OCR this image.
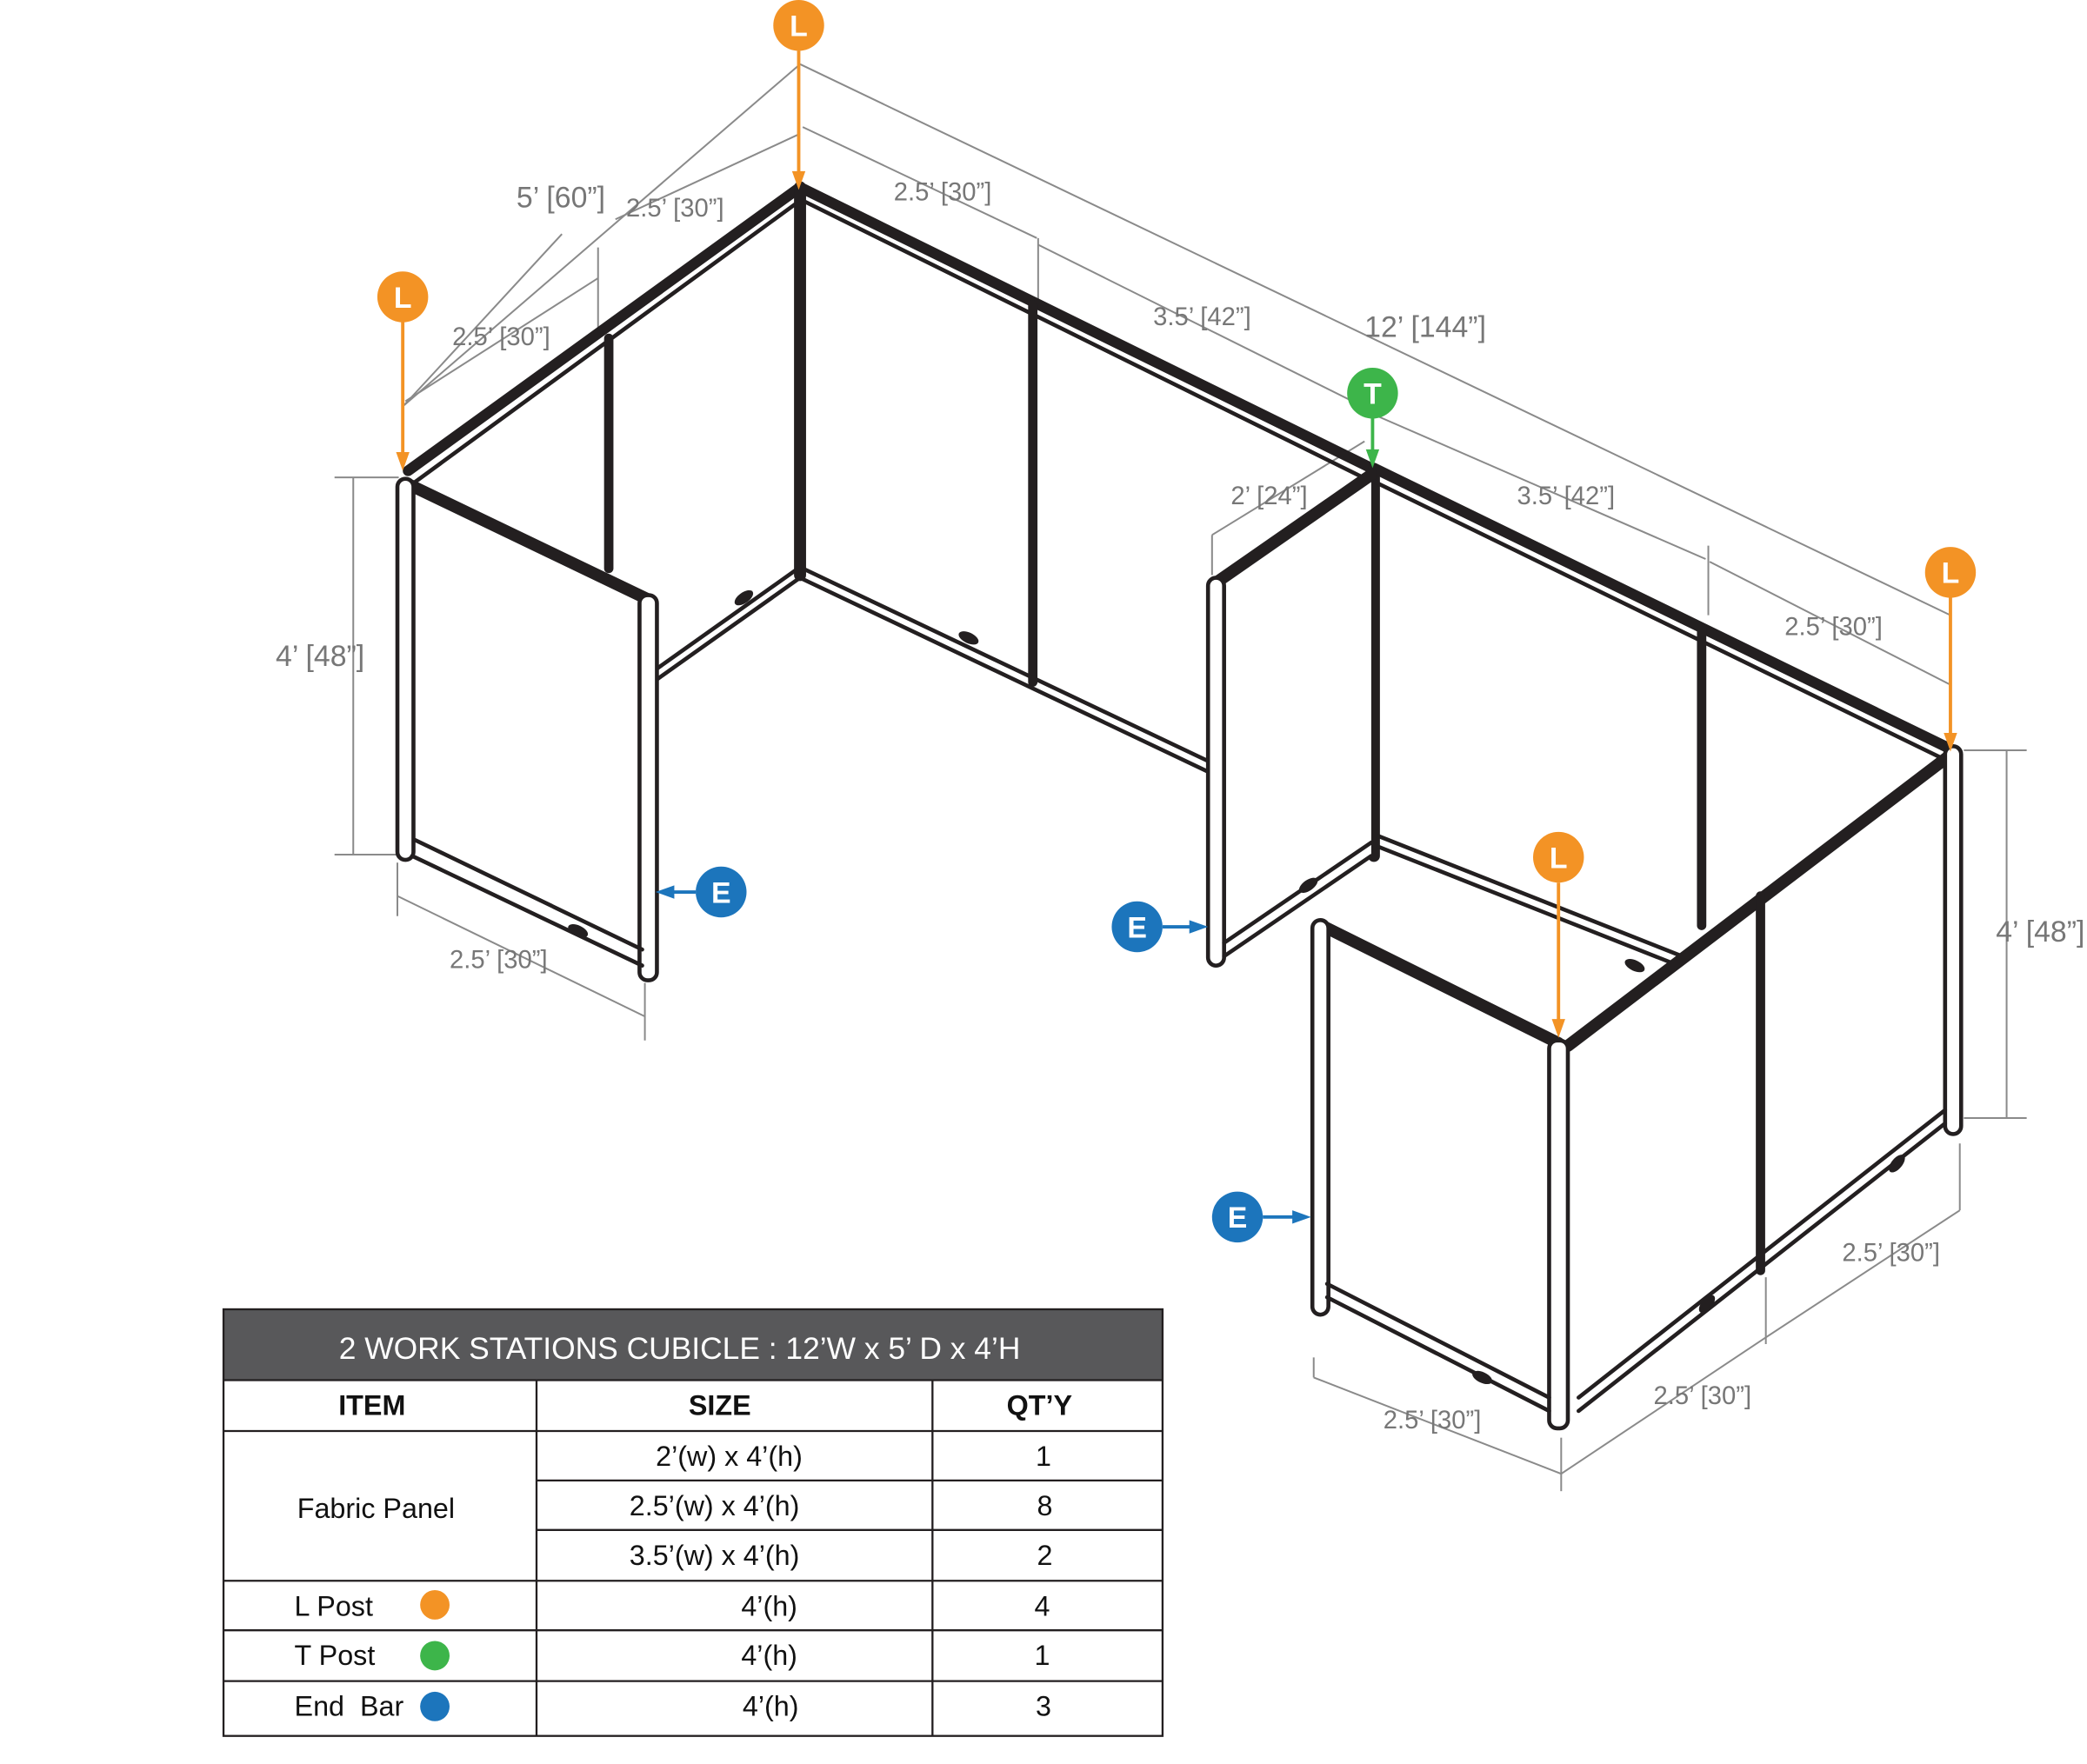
5’ [60”]
12’ [144”]
2.5’ [30”]
2.5’ [30”]
2.5’ [30”]
3.5’ [42”]
3.5’ [42”]
2.5’ [30”]
2’ [24”]
4’ [48”]
4’ [48”]
2.5’ [30”]
2.5’ [30”]
2.5’ [30”]
2.5’ [30”]
L
L
L
L
T
E
E
E
2 WORK STATIONS CUBICLE : 12’W x 5’ D x 4’H
ITEM	SIZE	QT’Y
Fabric Panel
2’(w) x 4’(h)	1
2.5’(w) x 4’(h)	8
3.5’(w) x 4’(h)	2
L Post	4’(h)	4
T Post	4’(h)	1
End  Bar	4’(h)	3
